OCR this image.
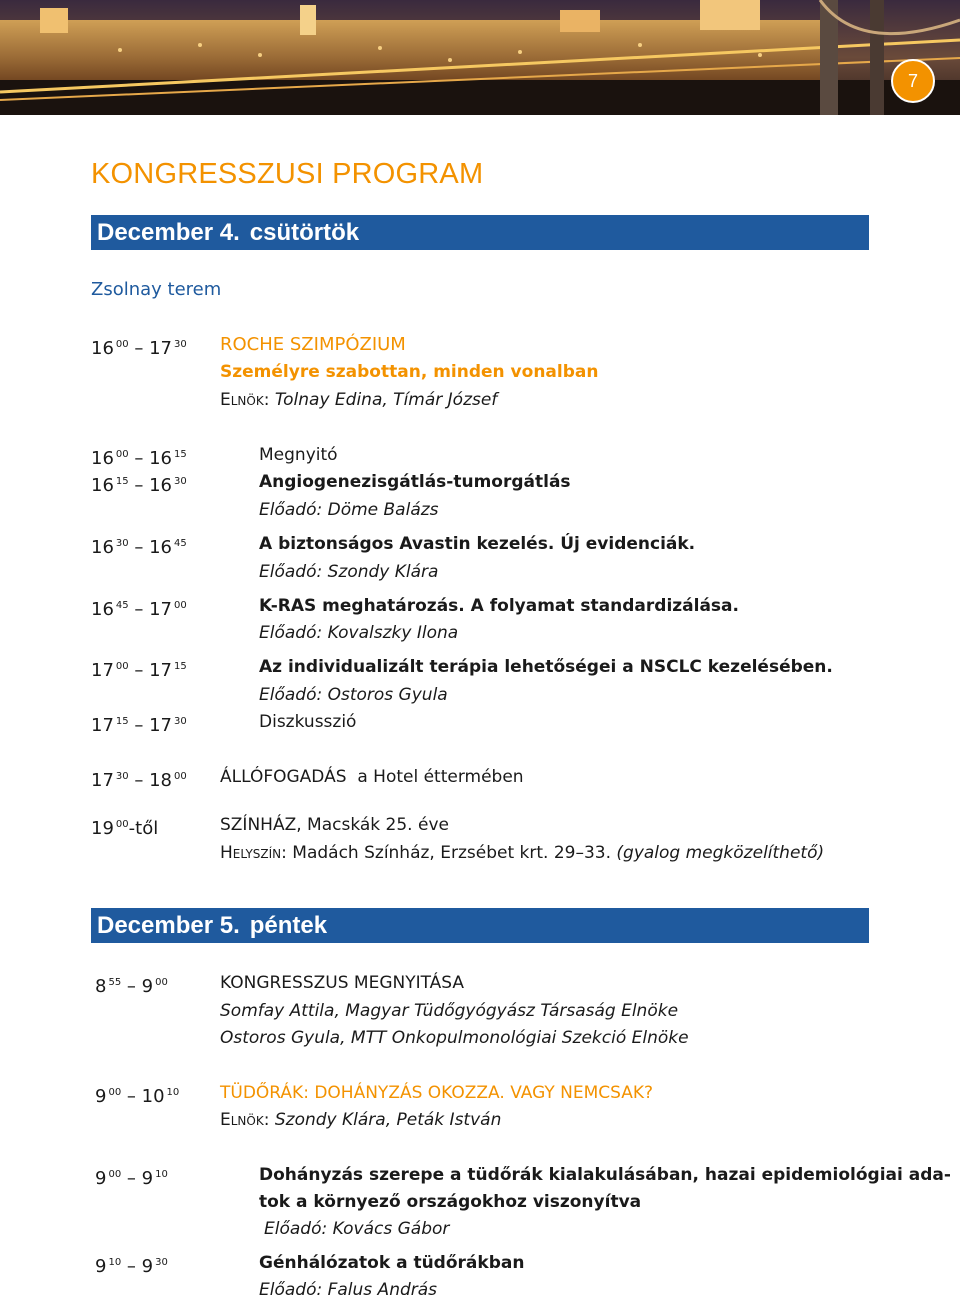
7
KONGRESSZUSI PROGRAM
December 4. csütörtök
Zsolnay terem
16 $^{00}$ – 17 $^{30}$ ROCHE SZIMPÓZIUM
Személyre szabottan, minden vonalban
Elnök: Tolnay Edina, Tímár József
16 $^{00}$ – 16 $^{15}$	Megnyitó
16 $^{15}$ – 16 $^{30}$	Angiogenezisgátlás-tumorgátlás
Előadó: Döme Balázs
16 $^{30}$ – 16 $^{45}$	A biztonságos Avastin kezelés. Új evidenciák.
Előadó: Szondy Klára
16 $^{45}$ – 17 $^{00}$	K-RAS meghatározás. A folyamat standardizálása.
Előadó: Kovalszky Ilona
17 $^{00}$ – 17 $^{15}$	Az individualizált terápia lehetőségei a NSCLC kezelésében.
Előadó: Ostoros Gyula
17 $^{15}$ – 17 $^{30}$	Diszkusszió
17 $^{30}$ – 18 $^{00}$ ÁLLÓFOGADÁS a Hotel éttermében
19 $^{00}$-től	SZÍNHÁZ, Macskák 25. éve
Helyszín: Madách Színház, Erzsébet krt. 29–33. (gyalog megközelíthető)
December 5. péntek
8 $^{55}$ – 9 $^{00}$	KONGRESSZUS MEGNYITÁSA
Somfay Attila, Magyar Tüdőgyógyász Társaság Elnöke
Ostoros Gyula, MTT Onkopulmonológiai Szekció Elnöke
9 $^{00}$ – 10 $^{10}$ TÜDŐRÁK: DOHÁNYZÁS OKOZZA. VAGY NEMCSAK?
Elnök: Szondy Klára, Peták István
9 $^{00}$ – 9 $^{10}$	Dohányzás szerepe a tüdőrák kialakulásában, hazai epidemiológiai ada-
tok a környező országokhoz viszonyítva
Előadó: Kovács Gábor
9 $^{10}$ – 9 $^{30}$	Génhálózatok a tüdőrákban
Előadó: Falus András
